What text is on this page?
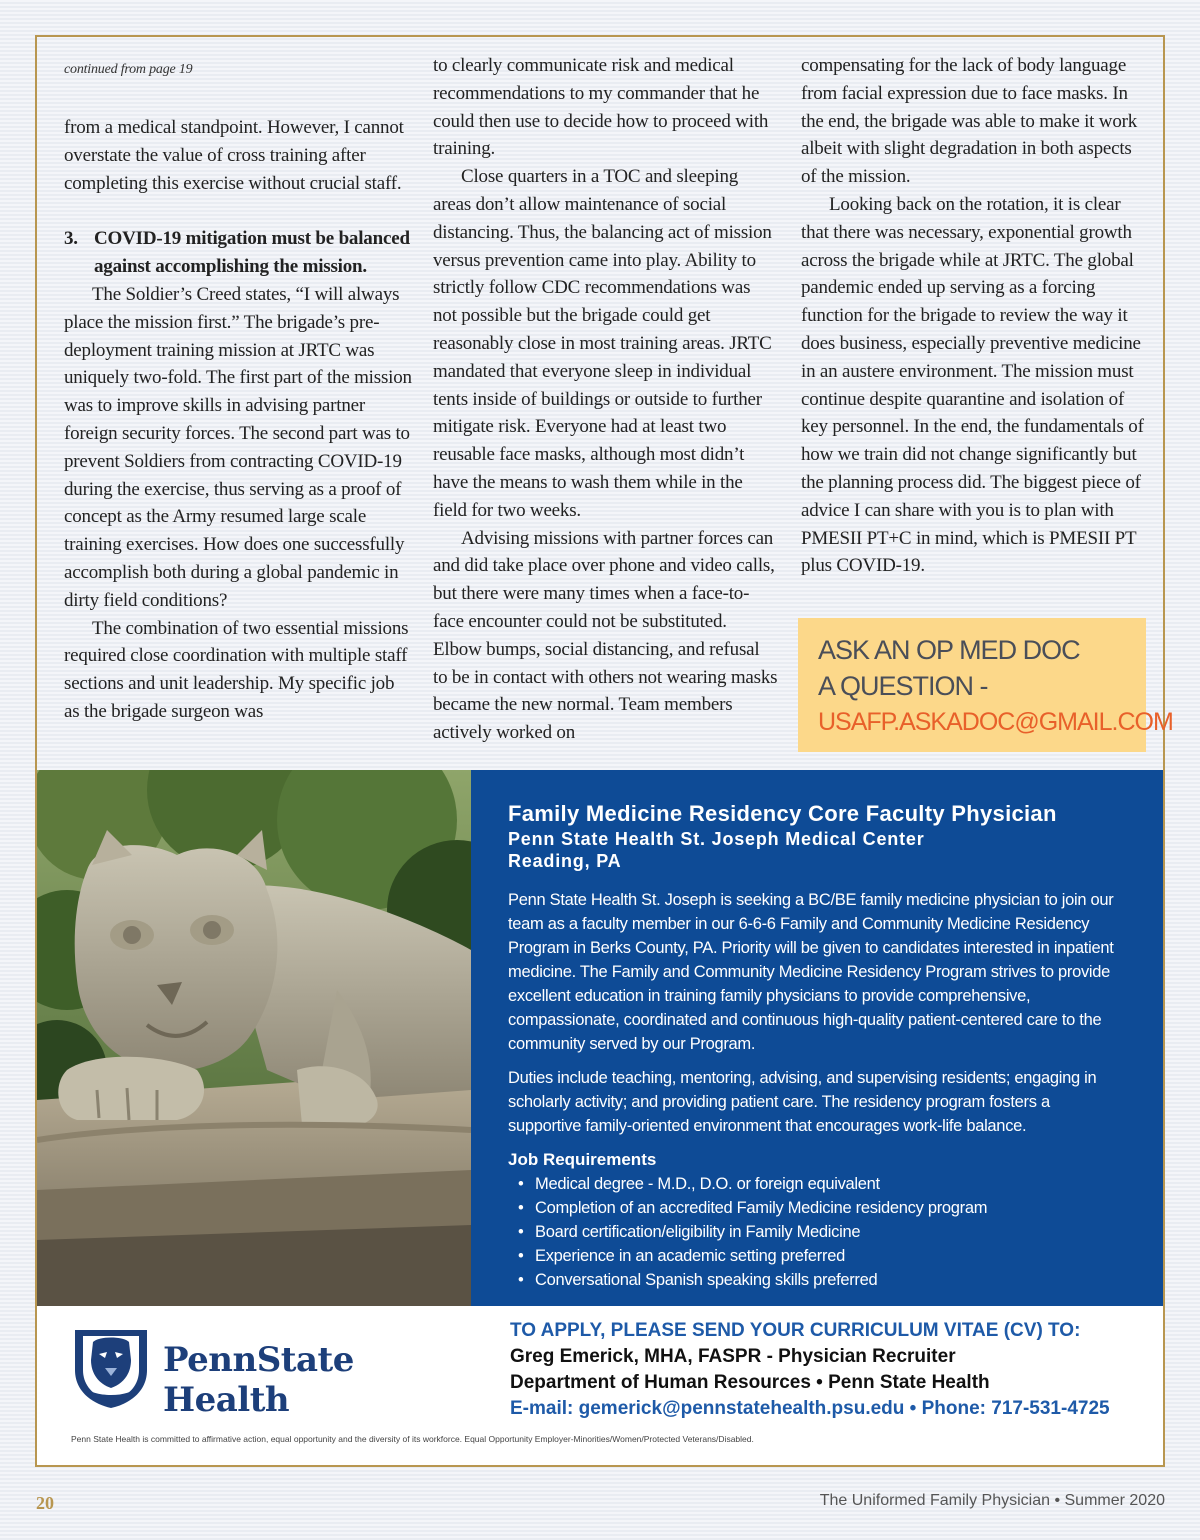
continued from page 19

from a medical standpoint. However, I cannot overstate the value of cross training after completing this exercise without crucial staff.

3. COVID-19 mitigation must be balanced against accomplishing the mission.

The Soldier’s Creed states, “I will always place the mission first.” The brigade’s pre-deployment training mission at JRTC was uniquely two-fold. The first part of the mission was to improve skills in advising partner foreign security forces. The second part was to prevent Soldiers from contracting COVID-19 during the exercise, thus serving as a proof of concept as the Army resumed large scale training exercises. How does one successfully accomplish both during a global pandemic in dirty field conditions?

The combination of two essential missions required close coordination with multiple staff sections and unit leadership. My specific job as the brigade surgeon was

to clearly communicate risk and medical recommendations to my commander that he could then use to decide how to proceed with training.

Close quarters in a TOC and sleeping areas don’t allow maintenance of social distancing. Thus, the balancing act of mission versus prevention came into play. Ability to strictly follow CDC recommendations was not possible but the brigade could get reasonably close in most training areas. JRTC mandated that everyone sleep in individual tents inside of buildings or outside to further mitigate risk. Everyone had at least two reusable face masks, although most didn’t have the means to wash them while in the field for two weeks.

Advising missions with partner forces can and did take place over phone and video calls, but there were many times when a face-to-face encounter could not be substituted. Elbow bumps, social distancing, and refusal to be in contact with others not wearing masks became the new normal. Team members actively worked on

compensating for the lack of body language from facial expression due to face masks. In the end, the brigade was able to make it work albeit with slight degradation in both aspects of the mission.

Looking back on the rotation, it is clear that there was necessary, exponential growth across the brigade while at JRTC. The global pandemic ended up serving as a forcing function for the brigade to review the way it does business, especially preventive medicine in an austere environment. The mission must continue despite quarantine and isolation of key personnel. In the end, the fundamentals of how we train did not change significantly but the planning process did. The biggest piece of advice I can share with you is to plan with PMESII PT+C in mind, which is PMESII PT plus COVID-19.

ASK AN OP MED DOC
A QUESTION -
USAFP.ASKADOC@GMAIL.COM
Family Medicine Residency Core Faculty Physician
Penn State Health St. Joseph Medical Center
Reading, PA
Penn State Health St. Joseph is seeking a BC/BE family medicine physician to join our team as a faculty member in our 6-6-6 Family and Community Medicine Residency Program in Berks County, PA. Priority will be given to candidates interested in inpatient medicine. The Family and Community Medicine Residency Program strives to provide excellent education in training family physicians to provide comprehensive, compassionate, coordinated and continuous high-quality patient-centered care to the community served by our Program.
Duties include teaching, mentoring, advising, and supervising residents; engaging in scholarly activity; and providing patient care. The residency program fosters a supportive family-oriented environment that encourages work-life balance.
Job Requirements
• Medical degree - M.D., D.O. or foreign equivalent
• Completion of an accredited Family Medicine residency program
• Board certification/eligibility in Family Medicine
• Experience in an academic setting preferred
• Conversational Spanish speaking skills preferred
PennState Health
TO APPLY, PLEASE SEND YOUR CURRICULUM VITAE (CV) TO:
Greg Emerick, MHA, FASPR - Physician Recruiter
Department of Human Resources • Penn State Health
E-mail: gemerick@pennstatehealth.psu.edu • Phone: 717-531-4725
Penn State Health is committed to affirmative action, equal opportunity and the diversity of its workforce. Equal Opportunity Employer-Minorities/Women/Protected Veterans/Disabled.
20	The Uniformed Family Physician • Summer 2020
